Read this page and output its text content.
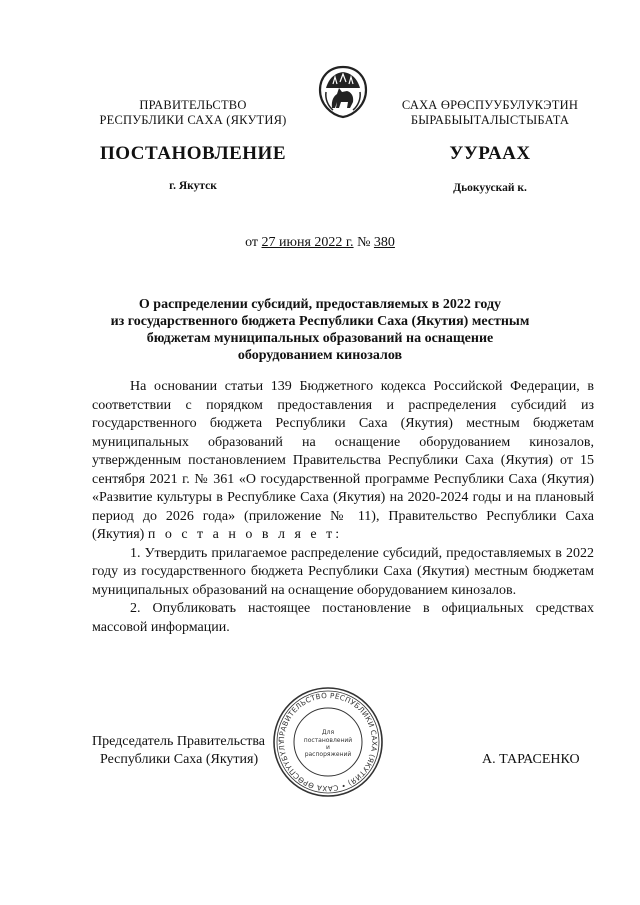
ПРАВИТЕЛЬСТВО
РЕСПУБЛИКИ САХА (ЯКУТИЯ)
САХА ӨРӨСПУУБУЛУКЭТИН
БЫРАБЫЫТАЛЫСТЫБАТА
ПОСТАНОВЛЕНИЕ	УУРААХ
г. Якутск	Дьокуускай к.
от 27 июня 2022 г. № 380
О распределении субсидий, предоставляемых в 2022 году
из государственного бюджета Республики Саха (Якутия) местным
бюджетам муниципальных образований на оснащение
оборудованием кинозалов

На основании статьи 139 Бюджетного кодекса Российской Федерации, в соответствии с порядком предоставления и распределения субсидий из государственного бюджета Республики Саха (Якутия) местным бюджетам муниципальных образований на оснащение оборудованием кинозалов, утвержденным постановлением Правительства Республики Саха (Якутия) от 15 сентября 2021 г. № 361 «О государственной программе Республики Саха (Якутия) «Развитие культуры в Республике Саха (Якутия) на 2020-2024 годы и на плановый период до 2026 года» (приложение № 11), Правительство Республики Саха (Якутия) п о с т а н о в л я е т:

1. Утвердить прилагаемое распределение субсидий, предоставляемых в 2022 году из государственного бюджета Республики Саха (Якутия) местным бюджетам муниципальных образований на оснащение оборудованием кинозалов.

2. Опубликовать настоящее постановление в официальных средствах массовой информации.

Председатель Правительства
Республики Саха (Якутия)
ПРАВИТЕЛЬСТВО РЕСПУБЛИКИ САХА (ЯКУТИЯ) • САХА ӨРӨСПҮҮБҮЛҮ
Для
постановлений
и
распоряжений	А. ТАРАСЕНКО
